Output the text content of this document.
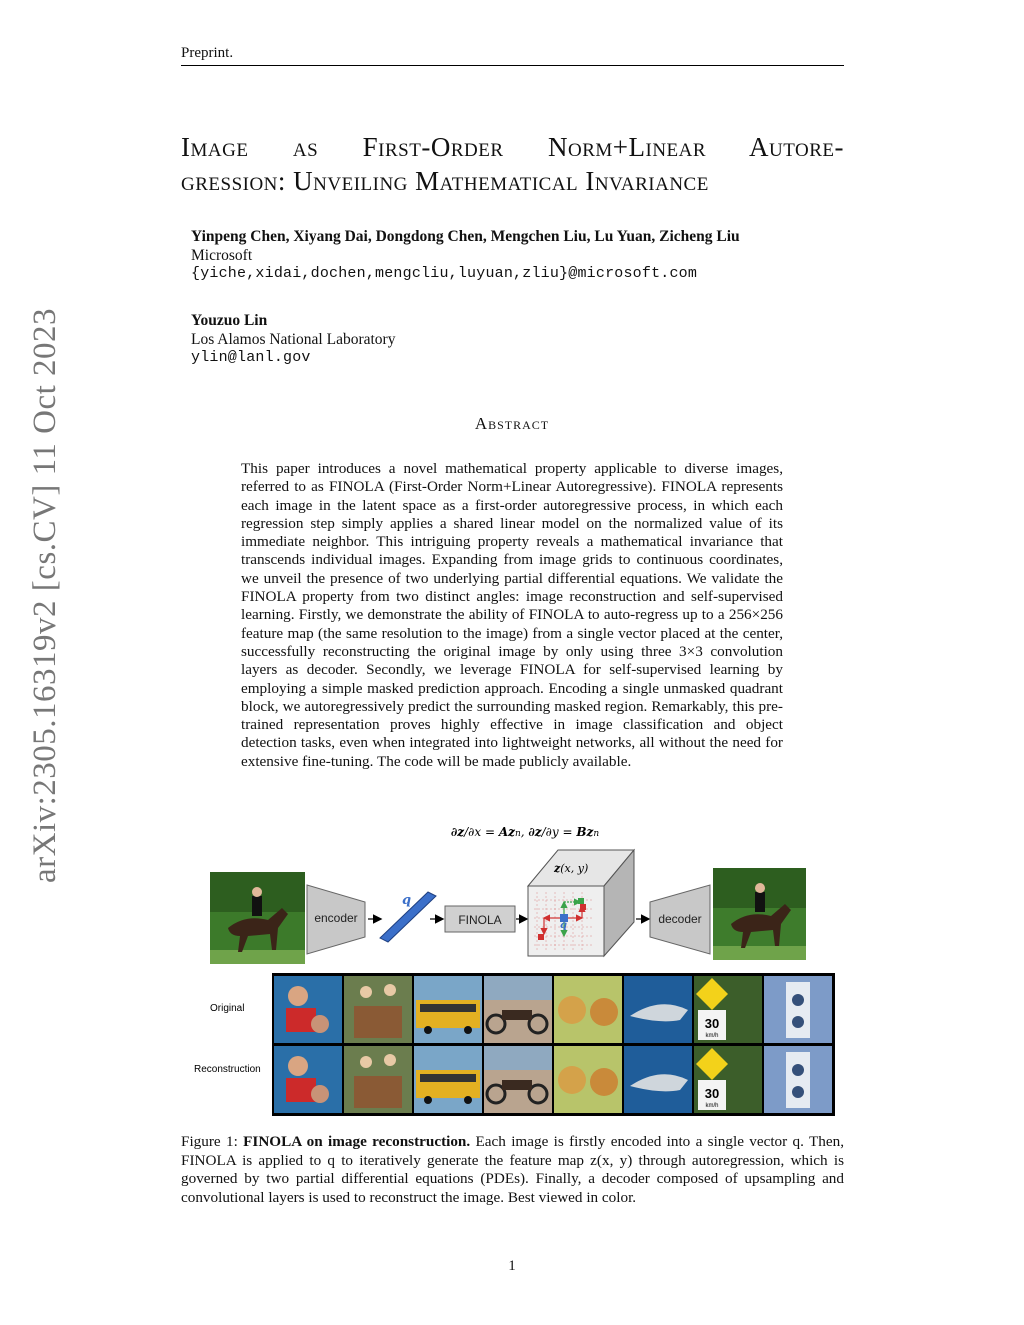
Preprint.
Image as First-Order Norm+Linear Autore-
gression: Unveiling Mathematical Invariance
Yinpeng Chen, Xiyang Dai, Dongdong Chen, Mengchen Liu, Lu Yuan, Zicheng Liu
Microsoft
{yiche,xidai,dochen,mengcliu,luyuan,zliu}@microsoft.com
Youzuo Lin
Los Alamos National Laboratory
ylin@lanl.gov
arXiv:2305.16319v2 [cs.CV] 11 Oct 2023	Abstract
This paper introduces a novel mathematical property applicable to diverse images, referred to as FINOLA (First-Order Norm+Linear Autoregressive). FINOLA represents each image in the latent space as a first-order autoregressive process, in which each regression step simply applies a shared linear model on the normalized value of its immediate neighbor. This intriguing property reveals a mathematical invariance that transcends individual images. Expanding from image grids to continuous coordinates, we unveil the presence of two underlying partial differential equations. We validate the FINOLA property from two distinct angles: image reconstruction and self-supervised learning. Firstly, we demonstrate the ability of FINOLA to auto-regress up to a 256×256 feature map (the same resolution to the image) from a single vector placed at the center, successfully reconstructing the original image by only using three 3×3 convolution layers as decoder. Secondly, we leverage FINOLA for self-supervised learning by employing a simple masked prediction approach. Encoding a single unmasked quadrant block, we autoregressively predict the surrounding masked region. Remarkably, this pre-trained representation proves highly effective in image classification and object detection tasks, even when integrated into lightweight networks, all without the need for extensive fine-tuning. The code will be made publicly available.
∂z/∂x = Azn, ∂z/∂y = Bzn
encoder
q
FINOLA
z(x, y)
q	decoder
Original
Reconstruction
30
km/h
30
km/h
Figure 1: FINOLA on image reconstruction. Each image is firstly encoded into a single vector q. Then, FINOLA is applied to q to iteratively generate the feature map z(x, y) through autoregression, which is governed by two partial differential equations (PDEs). Finally, a decoder composed of upsampling and convolutional layers is used to reconstruct the image. Best viewed in color.
1
